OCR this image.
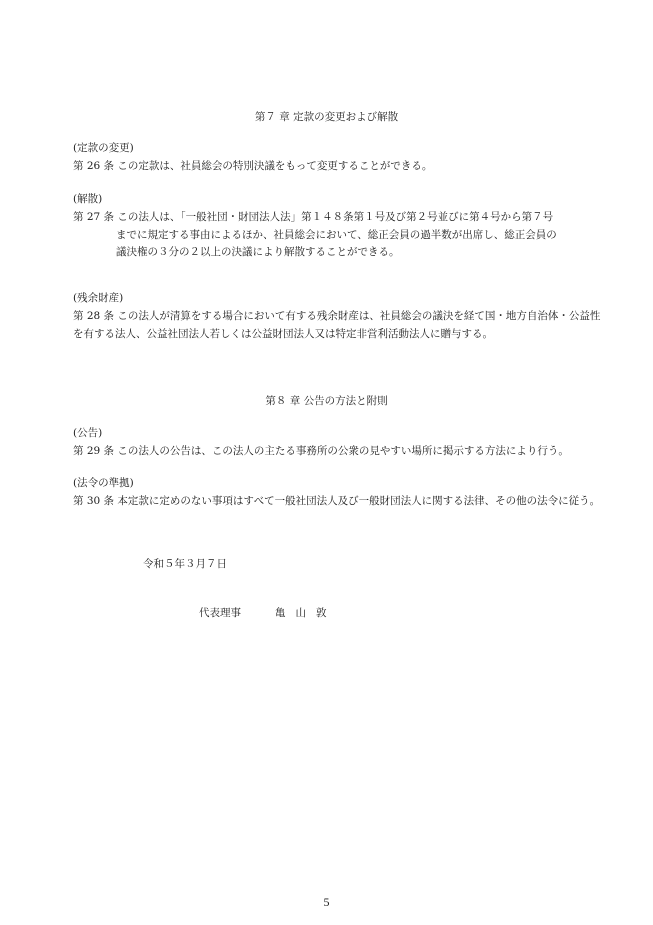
第７ 章 定款の変更および解散
(定款の変更)
第 26 条 この定款は、社員総会の特別決議をもって変更することができる。
(解散)
第 27 条 この法人は、「一般社団・財団法人法」第１４８条第１号及び第２号並びに第４号から第７号
までに規定する事由によるほか、社員総会において、総正会員の過半数が出席し、総正会員の
議決権の３分の２以上の決議により解散することができる。
(残余財産)
第 28 条 この法人が清算をする場合において有する残余財産は、社員総会の議決を経て国・地方自治体・公益性
を有する法人、公益社団法人若しくは公益財団法人又は特定非営利活動法人に贈与する。
第８ 章 公告の方法と附則
(公告)
第 29 条 この法人の公告は、この法人の主たる事務所の公衆の見やすい場所に掲示する方法により行う。
(法令の準拠)
第 30 条 本定款に定めのない事項はすべて一般社団法人及び一般財団法人に関する法律、その他の法令に従う。
令和５年３月７日
代表理事	亀 山 敦
5
